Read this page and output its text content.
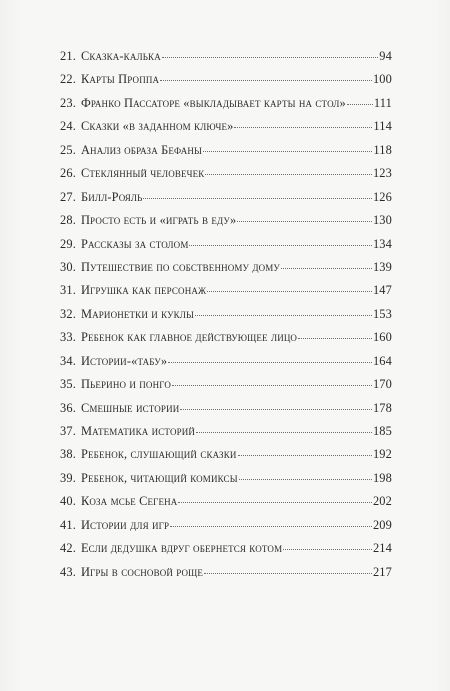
21. Сказка-калька	94
22. Карты Проппа	100
23. Франко Пассаторе «выкладывает карты на стол» 111
24. Сказки «в заданном ключе»	114
25. Анализ образа Бефаны	118
26. Стеклянный человечек	123
27. Билл-Рояль	126
28. Просто есть и «играть в еду»	130
29. Рассказы за столом	134
30. Путешествие по собственному дому	139
31. Игрушка как персонаж	147
32. Марионетки и куклы	153
33. Ребенок как главное действующее лицо	160
34. Истории-«табу»	164
35. Пьерино и понго	170
36. Смешные истории	178
37. Математика историй	185
38. Ребенок, слушающий сказки	192
39. Ребенок, читающий комиксы	198
40. Коза мсье Сегена	202
41. Истории для игр	209
42. Если дедушка вдруг обернется котом	214
43. Игры в сосновой роще	217
